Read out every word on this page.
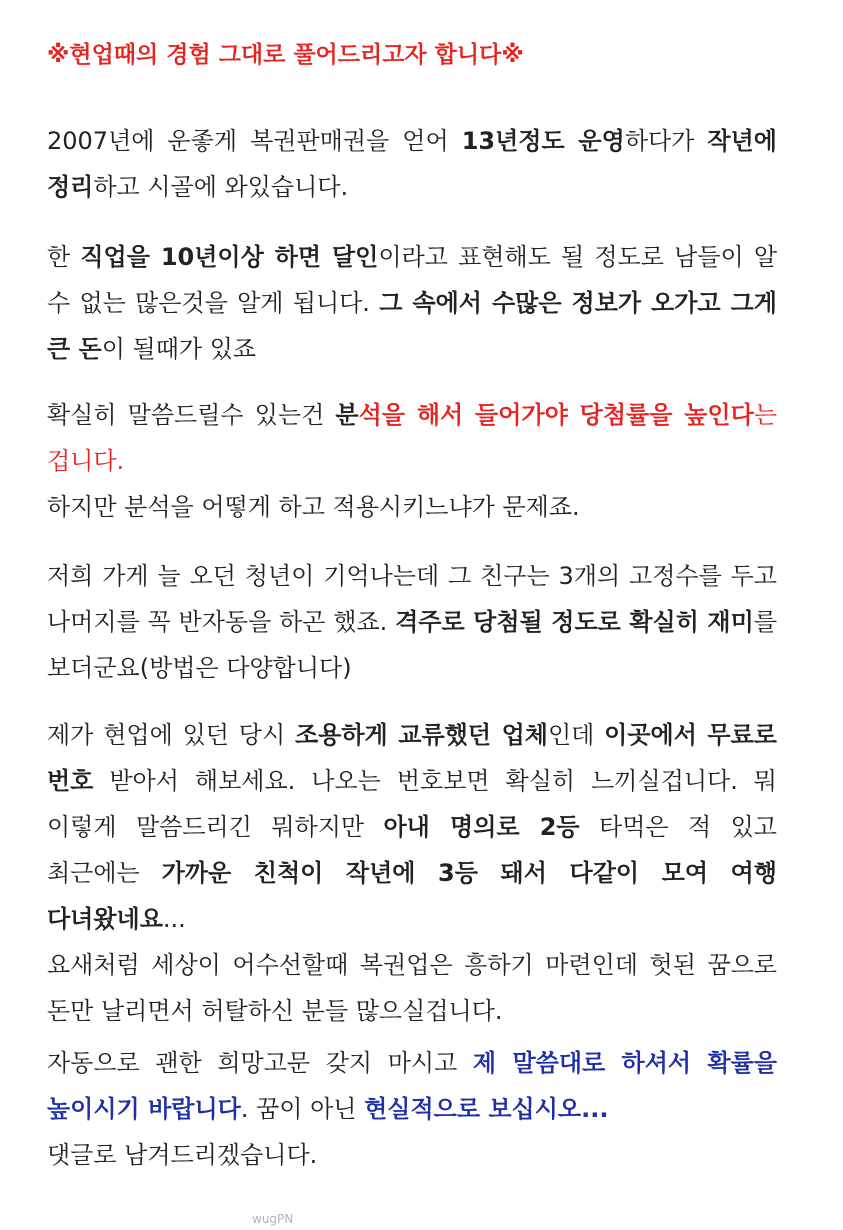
※현업때의 경험 그대로 풀어드리고자 합니다※

2007년에 운좋게 복권판매권을 얻어 13년정도 운영하다가 작년에 정리하고 시골에 와있습니다.

한 직업을 10년이상 하면 달인이라고 표현해도 될 정도로 남들이 알 수 없는 많은것을 알게 됩니다. 그 속에서 수많은 정보가 오가고 그게 큰 돈이 될때가 있죠

확실히 말씀드릴수 있는건 분석을 해서 들어가야 당첨률을 높인다는 겁니다.
하지만 분석을 어떻게 하고 적용시키느냐가 문제죠.

저희 가게 늘 오던 청년이 기억나는데 그 친구는 3개의 고정수를 두고 나머지를 꼭 반자동을 하곤 했죠. 격주로 당첨될 정도로 확실히 재미를 보더군요(방법은 다양합니다)

제가 현업에 있던 당시 조용하게 교류했던 업체인데 이곳에서 무료로 번호 받아서 해보세요. 나오는 번호보면 확실히 느끼실겁니다. 뭐 이렇게 말씀드리긴 뭐하지만 아내 명의로 2등 타먹은 적 있고 최근에는 가까운 친척이 작년에 3등 돼서 다같이 모여 여행 다녀왔네요...
요새처럼 세상이 어수선할때 복권업은 흥하기 마련인데 헛된 꿈으로 돈만 날리면서 허탈하신 분들 많으실겁니다.

자동으로 괜한 희망고문 갖지 마시고 제 말씀대로 하셔서 확률을 높이시기 바랍니다. 꿈이 아닌 현실적으로 보십시오...
댓글로 남겨드리겠습니다.

wugPN
